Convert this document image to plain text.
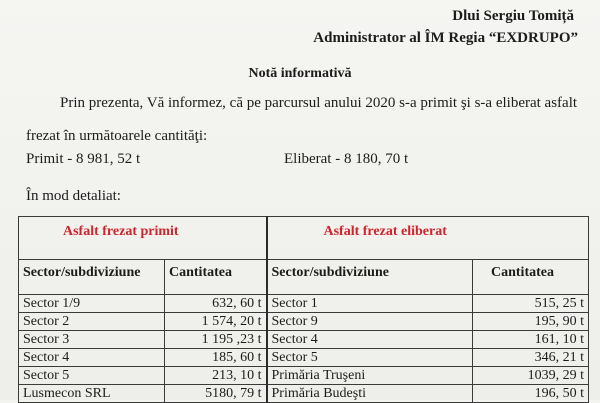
Dlui Sergiu Tomiță
Administrator al ÎM Regia “EXDRUPO”
Notă informativă
Prin prezenta, Vă informez, că pe parcursul anului 2020 s-a primit şi s-a eliberat asfalt
frezat în următoarele cantităţi:
Primit - 8 981, 52 t	Eliberat - 8 180, 70 t
În mod detaliat:
Asfalt frezat primit		Asfalt frezat eliberat	
Sector/subdiviziune	Cantitatea	Sector/subdiviziune	Cantitatea
Sector 1/9	632, 60 t	Sector 1	515, 25 t
Sector 2	1 574, 20 t	Sector 9	195, 90 t
Sector 3	1 195 ,23 t	Sector 4	161, 10 t
Sector 4	185, 60 t	Sector 5	346, 21 t
Sector 5	213, 10 t	Primăria Truşeni	1039, 29 t
Lusmecon SRL	5180, 79 t	Primăria Budeşti	196, 50 t
